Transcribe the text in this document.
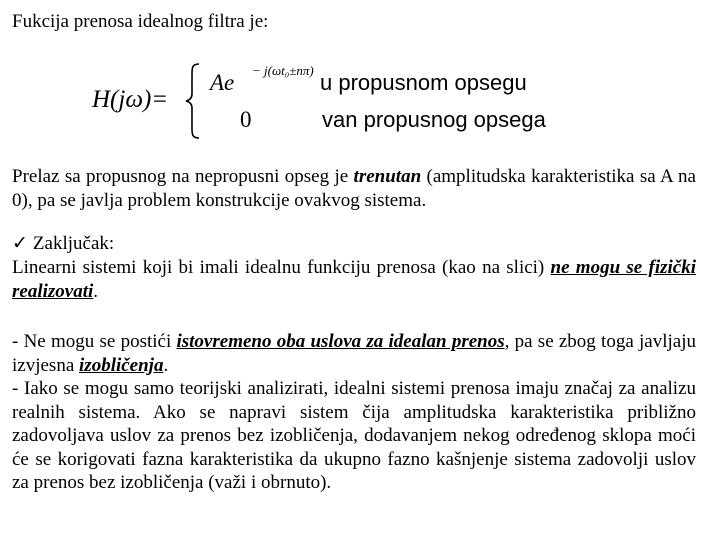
Fukcija prenosa idealnog filtra je:

H(jω)=
Ae − j(ωt₀±nπ) u propusnom opsegu
0	van propusnog opsega

Prelaz sa propusnog na nepropusni opseg je trenutan (amplitudska karakteristika sa A na 0), pa se javlja problem konstrukcije ovakvog sistema.

✓ Zaključak:

Linearni sistemi koji bi imali idealnu funkciju prenosa (kao na slici) ne mogu se fizički realizovati.

- Ne mogu se postići istovremeno oba uslova za idealan prenos, pa se zbog toga javljaju izvjesna izobličenja.

- Iako se mogu samo teorijski analizirati, idealni sistemi prenosa imaju značaj za analizu realnih sistema. Ako se napravi sistem čija amplitudska karakteristika približno zadovoljava uslov za prenos bez izobličenja, dodavanjem nekog određenog sklopa moći će se korigovati fazna karakteristika da ukupno fazno kašnjenje sistema zadovolji uslov za prenos bez izobličenja (važi i obrnuto).
